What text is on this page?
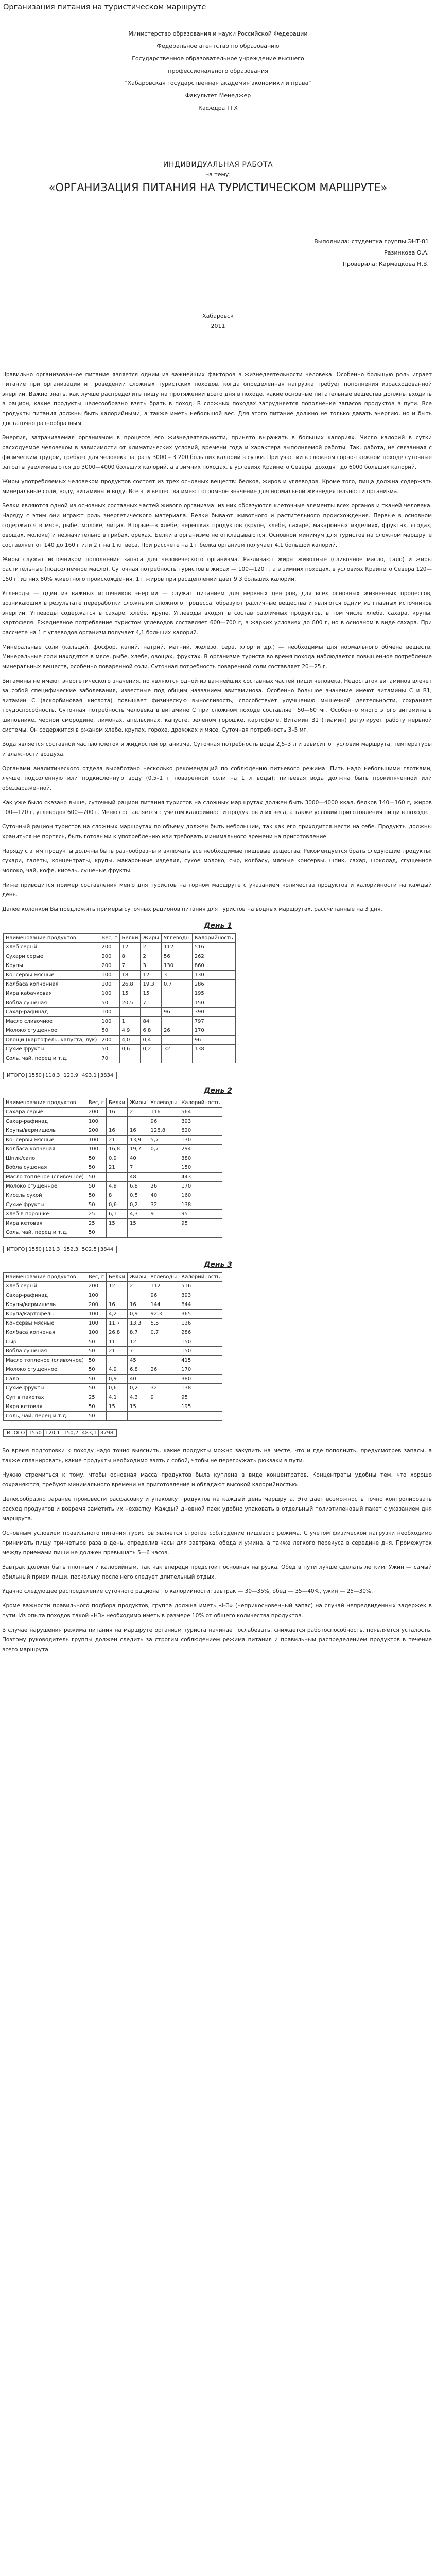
Организация питания на туристическом маршруте
Министерство образования и науки Российской Федерации
Федеральное агентство по образованию
Государственное образовательное учреждение высшего
профессионального образования
"Хабаровская государственная академия экономики и права"
Факультет Менеджер
Кафедра ТГХ
ИНДИВИДУАЛЬНАЯ РАБОТА
на тему:
«ОРГАНИЗАЦИЯ ПИТАНИЯ НА ТУРИСТИЧЕСКОМ МАРШРУТЕ»
Выполнила: студентка группы ЭНТ-81
Разинкова О.А.
Проверила: Кармацкова Н.В.
Хабаровск
2011

Правильно организованное питание является одним из важнейших факторов в жизнедеятельности человека. Особенно большую роль играет питание при организации и проведении сложных туристских походов, когда определенная нагрузка требует пополнения израсходованной энергии. Важно знать, как лучше распределить пищу на протяжении всего дня в походе, какие основные питательные вещества должны входить в рацион, какие продукты целесообразно взять брать в поход. В сложных походах затрудняется пополнение запасов продуктов в пути. Все продукты питания должны быть калорийными, а также иметь небольшой вес. Для этого питание должно не только давать энергию, но и быть достаточно разнообразным.

Энергия, затрачиваемая организмом в процессе его жизнедеятельности, принято выражать в больших калориях. Число калорий в сутки расходуемое человеком в зависимости от климатических условий, времени года и характера выполняемой работы. Так, работа, не связанная с физическим трудом, требует для человека затрату 3000 – 3 200 больших калорий в сутки. При участии в сложном горно-таежном походе суточные затраты увеличиваются до 3000—4000 больших калорий, а в зимних походах, в условиях Крайнего Севера, доходят до 6000 больших калорий.

Жиры употребляемых человеком продуктов состоят из трех основных веществ: белков, жиров и углеводов. Кроме того, пища должна содержать минеральные соли, воду, витамины и воду. Все эти вещества имеют огромное значение для нормальной жизнедеятельности организма.

Белки являются одной из основных составных частей живого организма: из них образуются клеточные элементы всех органов и тканей человека. Наряду с этим они играют роль энергетического материала. Белки бывают животного и растительного происхождения. Первые в основном содержатся в мясе, рыбе, молоке, яйцах. Вторые—в хлебе, черешках продуктов (крупе, хлебе, сахаре, макаронных изделиях, фруктах, ягодах, овощах, молоке) и незначительно в грибах, орехах. Белки в организме не откладываются. Основной минимум для туристов на сложном маршруте составляет от 140 до 160 г или 2 г на 1 кг веса. При рассчете на 1 г белка организм получает 4,1 большой калорий.

Жиры служат источником пополнения запаса для человеческого организма. Различают жиры животные (сливочное масло, сало) и жиры растительные (подсолнечное масло). Суточная потребность туристов в жирах — 100—120 г, а в зимних походах, в условиях Крайнего Севера 120—150 г, из них 80% животного происхождения. 1 г жиров при расщеплении дает 9,3 больших калории.

Углеводы — один из важных источников энергии — служат питанием для нервных центров, для всех основных жизненных процессов, возникающих в результате переработки сложными сложного процесса, образуют различные вещества и являются одним из главных источников энергии. Углеводы содержатся в сахаре, хлебе, крупе. Углеводы входят в состав различных продуктов, в том числе хлеба, сахара, крупы, картофеля. Ежедневное потребление туристом углеводов составляет 600—700 г, в жарких условиях до 800 г, но в основном в виде сахара. При рассчете на 1 г углеводов организм получает 4,1 больших калорий.

Минеральные соли (кальций, фосфор, калий, натрий, магний, железо, сера, хлор и др.) — необходимы для нормального обмена веществ. Минеральные соли находятся в мясе, рыбе, хлебе, овощах, фруктах. В организме туриста во время похода наблюдается повышенное потребление минеральных веществ, особенно поваренной соли. Суточная потребность поваренной соли составляет 20—25 г.

Витамины не имеют энергетического значения, но являются одной из важнейших составных частей пищи человека. Недостаток витаминов влечет за собой специфические заболевания, известные под общим названием авитаминоза. Особенно большое значение имеют витамины С и В1, витамин С (аскорбиновая кислота) повышает физическую выносливость, способствует улучшению мышечной деятельности, сохраняет трудоспособность. Суточная потребность человека в витамине С при сложном походе составляет 50—60 мг. Особенно много этого витамина в шиповнике, черной смородине, лимонах, апельсинах, капусте, зеленом горошке, картофеле. Витамин В1 (тиамин) регулирует работу нервной системы. Он содержится в ржаном хлебе, крупах, горохе, дрожжах и мясе. Суточная потребность 3–5 мг.

Вода является составной частью клеток и жидкостей организма. Суточная потребность воды 2,5–3 л и зависит от условий маршрута, температуры и влажности воздуха.

Органами аналитического отдела выработано несколько рекомендаций по соблюдению питьевого режима: Пить надо небольшими глотками, лучше подсоленную или подкисленную воду (0,5–1 г поваренной соли на 1 л воды); питьевая вода должна быть прокипяченной или обеззараженной.

Как уже было сказано выше, суточный рацион питания туристов на сложных маршрутах должен быть 3000—4000 ккал, белков 140—160 г, жиров 100—120 г, углеводов 600—700 г. Меню составляется с учетом калорийности продуктов и их веса, а также условий приготовления пищи в походе.

Суточный рацион туристов на сложных маршрутах по объему должен быть небольшим, так как его приходится нести на себе. Продукты должны храниться не портясь, быть готовыми к употреблению или требовать минимального времени на приготовление.

Наряду с этим продукты должны быть разнообразны и включать все необходимые пищевые вещества. Рекомендуется брать следующие продукты: сухари, галеты, концентраты, крупы, макаронные изделия, сухое молоко, сыр, колбасу, мясные консервы, шпик, сахар, шоколад, сгущенное молоко, чай, кофе, кисель, сушеные фрукты.

Ниже приводится пример составления меню для туристов на горном маршруте с указанием количества продуктов и калорийности на каждый день.

Далее колонкой Вы предложить примеры суточных рационов питания для туристов на водных маршрутах, рассчитанные на 3 дня.

День 1
Наименование продуктов	Вес, г	Белки	Жиры	Углеводы	Калорийность
Хлеб серый	200	12	2	112	516
Сухари серые	200	8	2	56	262
Крупы	200	7	3	130	860
Консервы мясные	100	18	12	3	130
Колбаса копченная	100	26,8	19,3	0,7	286
Икра кабачковая	100	15	15		195
Вобла сушеная	50	20,5	7		150
Сахар-рафинад	100			96	390
Масло сливочное	100	1	84		797
Молоко сгущенное	50	4,9	6,8	26	170
Овощи (картофель, капуста, лук)	200	4,0	0,4		96
Сухие фрукты	50	0,6	0,2	32	138
Соль, чай, перец и т.д.	70				
ИТОГО 1550 118,3 120,9 493,1 3834
День 2
Наименование продуктов	Вес, г	Белки	Жиры	Углеводы	Калорийность
Сахара серые	200	16	2	116	564
Сахар-рафинад	100			96	393
Крупы/вермишель	200	16	16	128,8	820
Консервы мясные	100	21	13,9	5,7	130
Колбаса копченая	100	16,8	19,7	0,7	294
Шпик/сало	50	0,9	40		380
Вобла сушеная	50	21	7		150
Масло топленое (сливочное)	50		48		443
Молоко сгущенное	50	4,9	6,8	26	170
Кисель сухой	50	8	0,5	40	160
Сухие фрукты	50	0,6	0,2	32	138
Хлеб в порошке	25	6,1	4,3	9	95
Икра кетовая	25	15	15		95
Соль, чай, перец и т.д.	50				
ИТОГО 1550 121,3 152,3 502,5 3844
День 3
Наименование продуктов	Вес, г	Белки	Жиры	Углеводы	Калорийность
Хлеб серый	200	12	2	112	516
Сахар-рафинад	100			96	393
Крупы/вермишель	200	16	16	144	844
Крупа/картофель	100	4,2	0,9	92,3	365
Консервы мясные	100	11,7	13,3	5,5	136
Колбаса копченая	100	26,8	8,7	0,7	286
Сыр	50	11	12		150
Вобла сушеная	50	21	7		150
Масло топленое (сливочное)	50		45		415
Молоко сгущенное	50	4,9	6,8	26	170
Сало	50	0,9	40		380
Сухие фрукты	50	0,6	0,2	32	138
Суп в пакетах	25	4,1	4,3	9	95
Икра кетовая	50	15	15		195
Соль, чай, перец и т.д.	50				
ИТОГО 1550 120,1 150,2 483,1 3798

Во время подготовки к походу надо точно выяснить, какие продукты можно закупить на месте, что и где пополнить, предусмотрев запасы, а также спланировать, какие продукты необходимо взять с собой, чтобы не перегружать рюкзаки в пути.

Нужно стремиться к тому, чтобы основная масса продуктов была куплена в виде концентратов. Концентраты удобны тем, что хорошо сохраняются, требуют минимального времени на приготовление и обладают высокой калорийностью.

Целесообразно заранее произвести расфасовку и упаковку продуктов на каждый день маршрута. Это дает возможность точно контролировать расход продуктов и вовремя заметить их нехватку. Каждый дневной паек удобно упаковать в отдельный полиэтиленовый пакет с указанием дня маршрута.

Основным условием правильного питания туристов является строгое соблюдение пищевого режима. С учетом физической нагрузки необходимо принимать пищу три-четыре раза в день, определив часы для завтрака, обеда и ужина, а также легкого перекуса в середине дня. Промежуток между приемами пищи не должен превышать 5—6 часов.

Завтрак должен быть плотным и калорийным, так как впереди предстоит основная нагрузка. Обед в пути лучше сделать легким. Ужин — самый обильный прием пищи, поскольку после него следует длительный отдых.

Удачно следующее распределение суточного рациона по калорийности: завтрак — 30—35%, обед — 35—40%, ужин — 25—30%.

Кроме важности правильного подбора продуктов, группа должна иметь «НЗ» (неприкосновенный запас) на случай непредвиденных задержек в пути. Из опыта походов такой «НЗ» необходимо иметь в размере 10% от общего количества продуктов.

В случае нарушения режима питания на маршруте организм туриста начинает ослабевать, снижается работоспособность, появляется усталость. Поэтому руководитель группы должен следить за строгим соблюдением режима питания и правильным распределением продуктов в течение всего маршрута.
